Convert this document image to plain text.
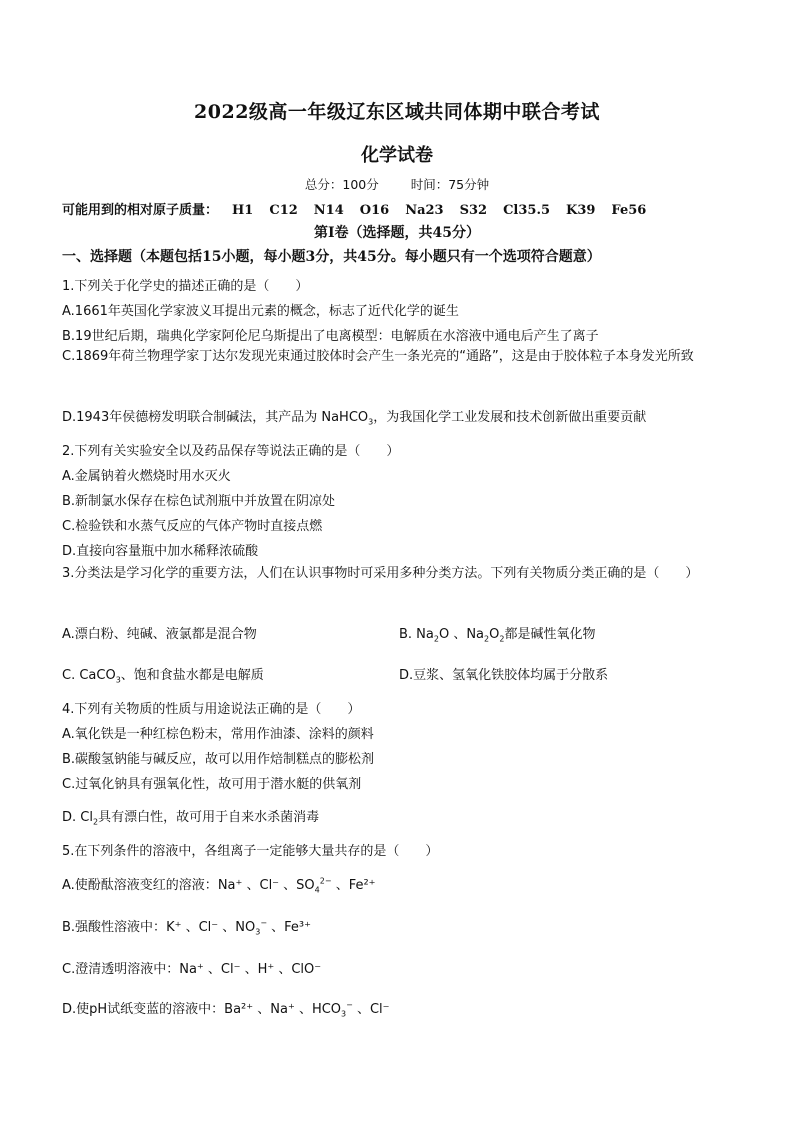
2022级高一年级辽东区域共同体期中联合考试
化学试卷
总分：100分	时间：75分钟
可能用到的相对原子质量： H1 C12 N14 O16 Na23 S32 Cl35.5 K39 Fe56
第Ⅰ卷（选择题，共45分）
一、选择题（本题包括15小题，每小题3分，共45分。每小题只有一个选项符合题意）
1.下列关于化学史的描述正确的是（　　）
A.1661年英国化学家波义耳提出元素的概念，标志了近代化学的诞生
B.19世纪后期，瑞典化学家阿伦尼乌斯提出了电离模型：电解质在水溶液中通电后产生了离子
C.1869年荷兰物理学家丁达尔发现光束通过胶体时会产生一条光亮的“通路”，这是由于胶体粒子本身发光所致
D.1943年侯德榜发明联合制碱法，其产品为 NaHCO$_3$，为我国化学工业发展和技术创新做出重要贡献
2.下列有关实验安全以及药品保存等说法正确的是（　　）
A.金属钠着火燃烧时用水灭火
B.新制氯水保存在棕色试剂瓶中并放置在阴凉处
C.检验铁和水蒸气反应的气体产物时直接点燃
D.直接向容量瓶中加水稀释浓硫酸
3.分类法是学习化学的重要方法，人们在认识事物时可采用多种分类方法。下列有关物质分类正确的是（　　）
A.漂白粉、纯碱、液氯都是混合物	B. $Na_2O$ 、$Na_2O_2$都是碱性氧化物
C. CaCO$_3$、饱和食盐水都是电解质	D.豆浆、氢氧化铁胶体均属于分散系
4.下列有关物质的性质与用途说法正确的是（　　）
A.氧化铁是一种红棕色粉末，常用作油漆、涂料的颜料
B.碳酸氢钠能与碱反应，故可以用作焙制糕点的膨松剂
C.过氧化钠具有强氧化性，故可用于潜水艇的供氧剂
D. $Cl_2$具有漂白性，故可用于自来水杀菌消毒
5.在下列条件的溶液中，各组离子一定能够大量共存的是（　　）
A.使酚酞溶液变红的溶液：Na⁺ 、Cl⁻ 、$SO_4^{2-}$ 、Fe²⁺
B.强酸性溶液中：K⁺ 、Cl⁻ 、$NO_3^-$ 、Fe³⁺
C.澄清透明溶液中：Na⁺ 、Cl⁻ 、H⁺ 、ClO⁻
D.使pH试纸变蓝的溶液中：Ba²⁺ 、Na⁺ 、$HCO_3^-$ 、Cl⁻
